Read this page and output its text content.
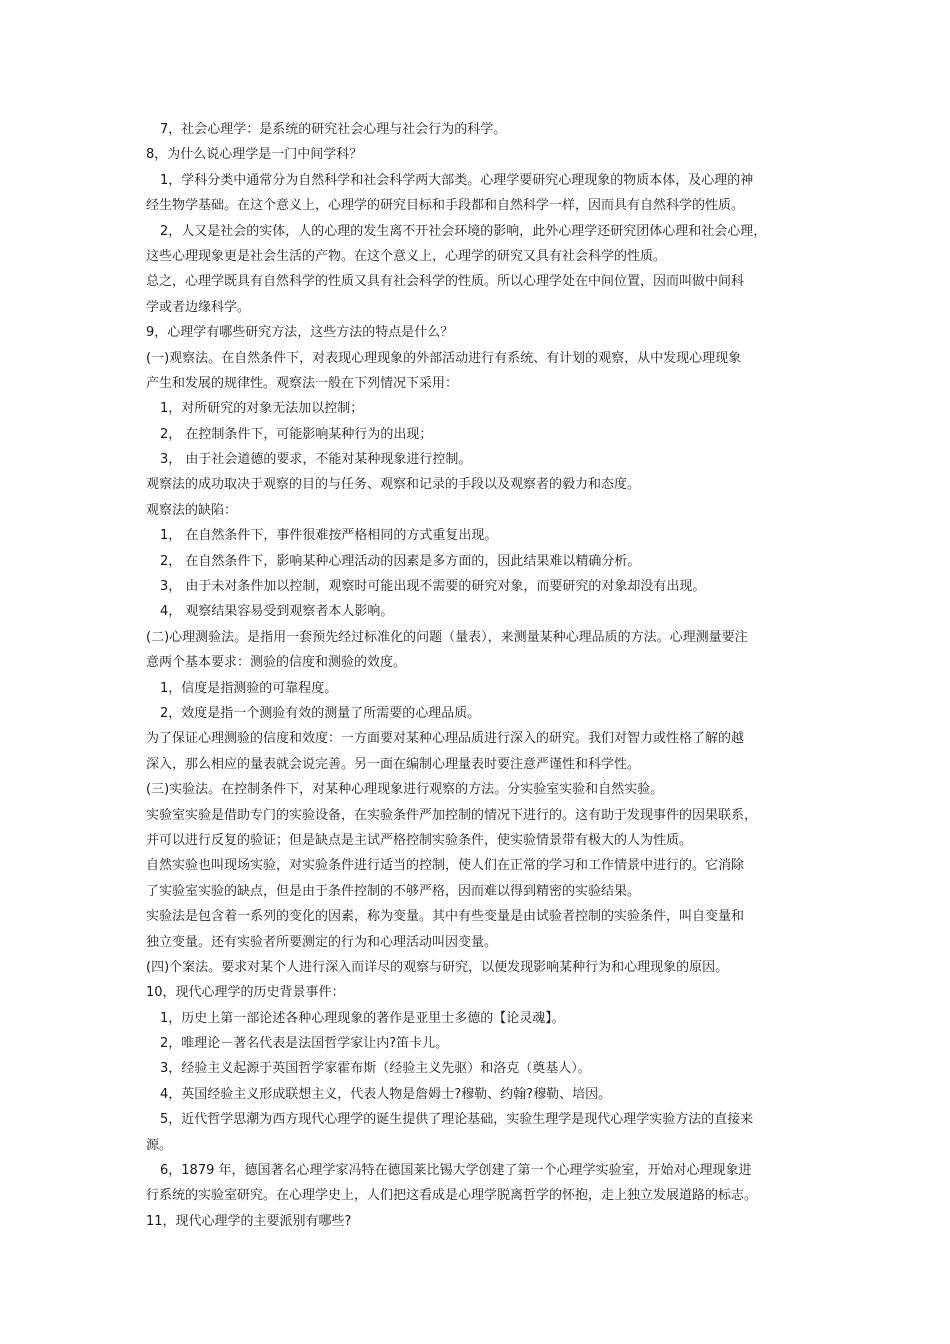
7，社会心理学：是系统的研究社会心理与社会行为的科学。
8，为什么说心理学是一门中间学科？
1，学科分类中通常分为自然科学和社会科学两大部类。心理学要研究心理现象的物质本体，及心理的神
经生物学基础。在这个意义上，心理学的研究目标和手段都和自然科学一样，因而具有自然科学的性质。
2，人又是社会的实体，人的心理的发生离不开社会环境的影响，此外心理学还研究团体心理和社会心理，
这些心理现象更是社会生活的产物。在这个意义上，心理学的研究又具有社会科学的性质。
总之，心理学既具有自然科学的性质又具有社会科学的性质。所以心理学处在中间位置，因而叫做中间科
学或者边缘科学。
9，心理学有哪些研究方法，这些方法的特点是什么？
(一)观察法。在自然条件下，对表现心理现象的外部活动进行有系统、有计划的观察，从中发现心理现象
产生和发展的规律性。观察法一般在下列情况下采用：
1，对所研究的对象无法加以控制；
2， 在控制条件下，可能影响某种行为的出现；
3， 由于社会道德的要求，不能对某种现象进行控制。
观察法的成功取决于观察的目的与任务、观察和记录的手段以及观察者的毅力和态度。
观察法的缺陷：
1， 在自然条件下，事件很难按严格相同的方式重复出现。
2， 在自然条件下，影响某种心理活动的因素是多方面的，因此结果难以精确分析。
3， 由于未对条件加以控制，观察时可能出现不需要的研究对象，而要研究的对象却没有出现。
4， 观察结果容易受到观察者本人影响。
(二)心理测验法。是指用一套预先经过标准化的问题（量表），来测量某种心理品质的方法。心理测量要注
意两个基本要求：测验的信度和测验的效度。
1，信度是指测验的可靠程度。
2，效度是指一个测验有效的测量了所需要的心理品质。
为了保证心理测验的信度和效度：一方面要对某种心理品质进行深入的研究。我们对智力或性格了解的越
深入，那么相应的量表就会说完善。另一面在编制心理量表时要注意严谨性和科学性。
(三)实验法。在控制条件下，对某种心理现象进行观察的方法。分实验室实验和自然实验。
实验室实验是借助专门的实验设备，在实验条件严加控制的情况下进行的。这有助于发现事件的因果联系，
并可以进行反复的验证；但是缺点是主试严格控制实验条件，使实验情景带有极大的人为性质。
自然实验也叫现场实验，对实验条件进行适当的控制，使人们在正常的学习和工作情景中进行的。它消除
了实验室实验的缺点，但是由于条件控制的不够严格，因而难以得到精密的实验结果。
实验法是包含着一系列的变化的因素，称为变量。其中有些变量是由试验者控制的实验条件，叫自变量和
独立变量。还有实验者所要测定的行为和心理活动叫因变量。
(四)个案法。要求对某个人进行深入而详尽的观察与研究，以便发现影响某种行为和心理现象的原因。
10，现代心理学的历史背景事件：
1，历史上第一部论述各种心理现象的著作是亚里士多德的【论灵魂】。
2，唯理论－著名代表是法国哲学家让内?笛卡儿。
3，经验主义起源于英国哲学家霍布斯（经验主义先驱）和洛克（奠基人）。
4，英国经验主义形成联想主义，代表人物是詹姆士?穆勒、约翰?穆勒、培因。
5，近代哲学思潮为西方现代心理学的诞生提供了理论基础，实验生理学是现代心理学实验方法的直接来
源。
6，1879 年，德国著名心理学家冯特在德国莱比锡大学创建了第一个心理学实验室，开始对心理现象进
行系统的实验室研究。在心理学史上，人们把这看成是心理学脱离哲学的怀抱，走上独立发展道路的标志。
11，现代心理学的主要派别有哪些?
